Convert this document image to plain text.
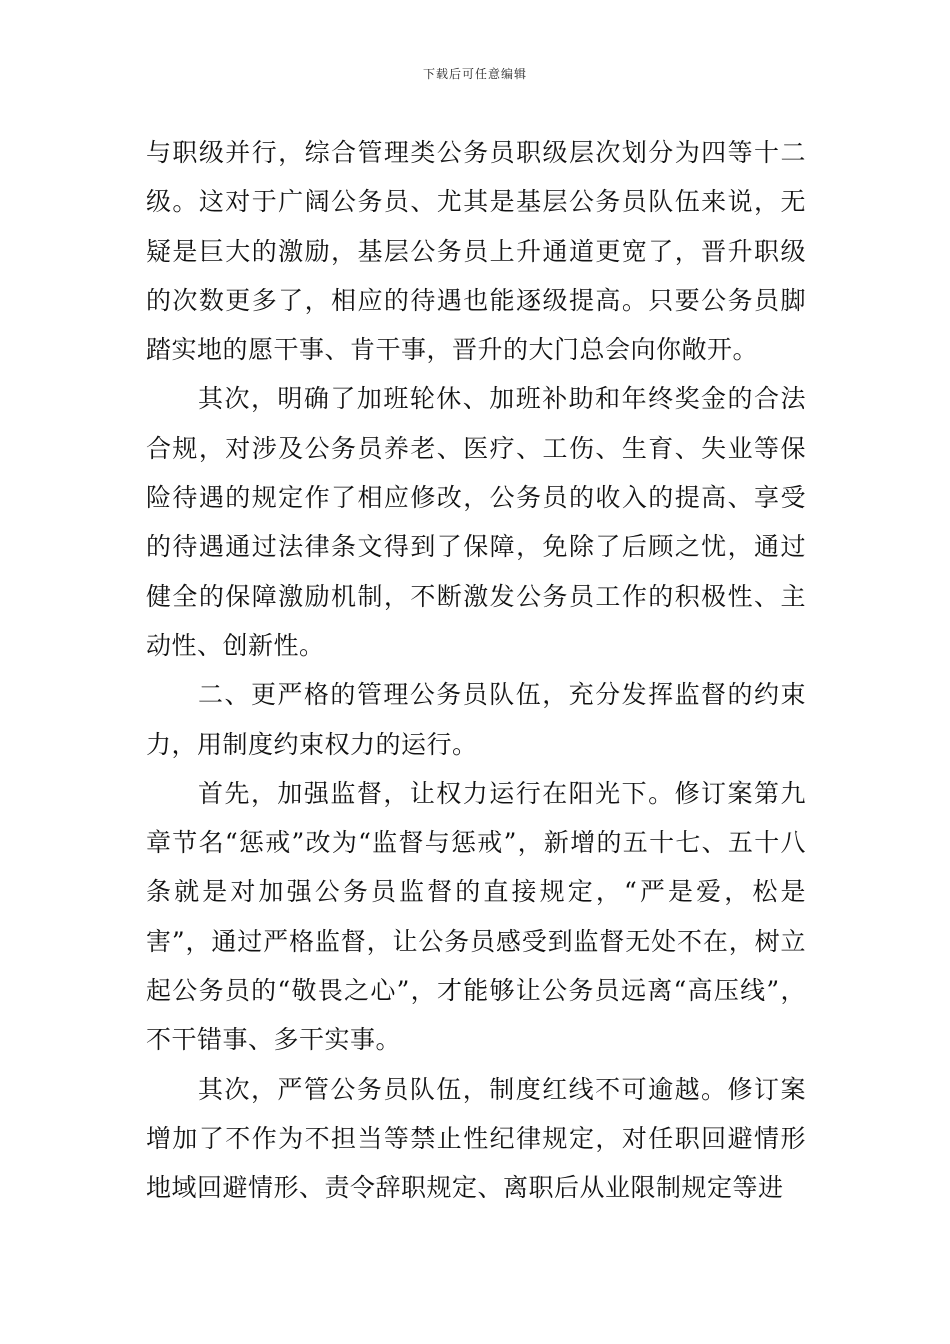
下载后可任意编辑

与职级并行，综合管理类公务员职级层次划分为四等十二级。这对于广阔公务员、尤其是基层公务员队伍来说，无疑是巨大的激励，基层公务员上升通道更宽了，晋升职级的次数更多了，相应的待遇也能逐级提高。只要公务员脚踏实地的愿干事、肯干事，晋升的大门总会向你敞开。

其次，明确了加班轮休、加班补助和年终奖金的合法合规，对涉及公务员养老、医疗、工伤、生育、失业等保险待遇的规定作了相应修改，公务员的收入的提高、享受的待遇通过法律条文得到了保障，免除了后顾之忧，通过健全的保障激励机制，不断激发公务员工作的积极性、主动性、创新性。

二、更严格的管理公务员队伍，充分发挥监督的约束力，用制度约束权力的运行。

首先，加强监督，让权力运行在阳光下。修订案第九章节名“惩戒”改为“监督与惩戒”，新增的五十七、五十八条就是对加强公务员监督的直接规定，“严是爱，松是害”，通过严格监督，让公务员感受到监督无处不在，树立起公务员的“敬畏之心”，才能够让公务员远离“高压线”，不干错事、多干实事。

其次，严管公务员队伍，制度红线不可逾越。修订案增加了不作为不担当等禁止性纪律规定，对任职回避情形地域回避情形、责令辞职规定、离职后从业限制规定等进
